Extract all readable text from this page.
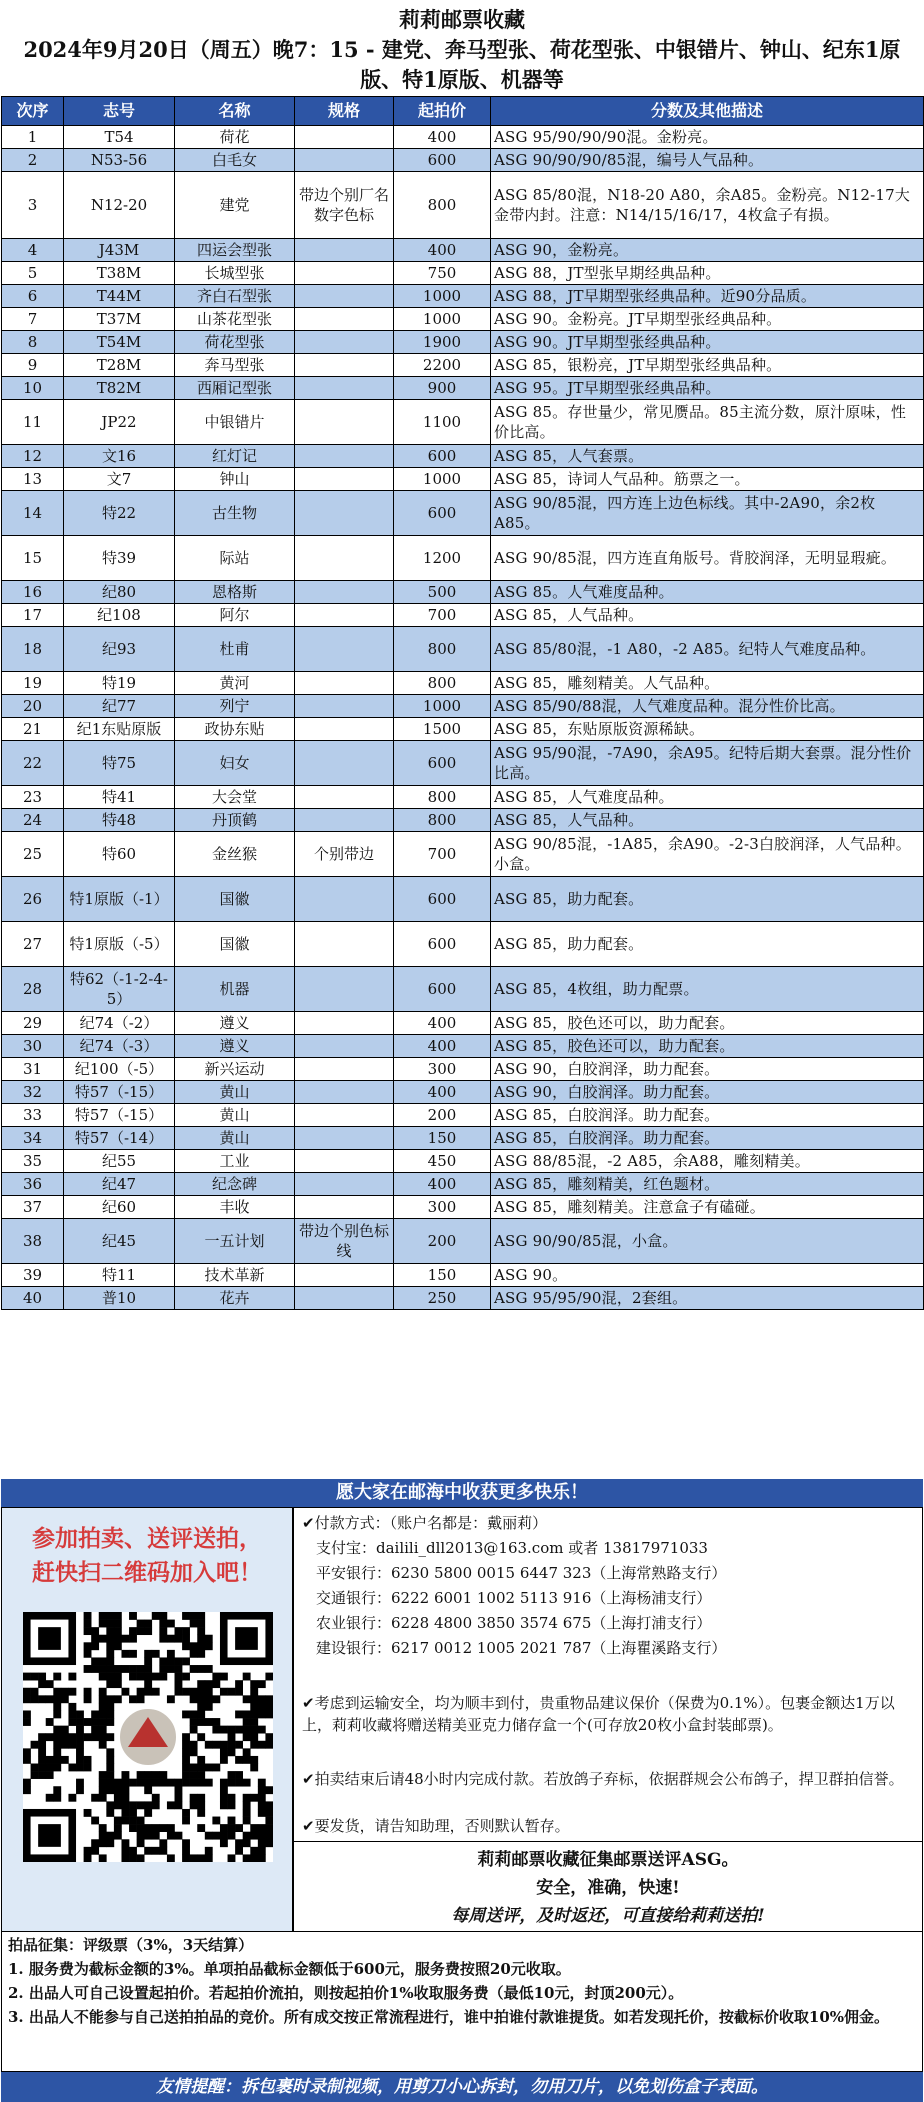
莉莉邮票收藏
2024年9月20日（周五）晚7：15 - 建党、奔马型张、荷花型张、中银错片、钟山、纪东1原
版、特1原版、机器等
次序	志号	名称	规格	起拍价	分数及其他描述
1	T54	荷花		400	ASG 95/90/90/90混。金粉亮。
2	N53-56	白毛女		600	ASG 90/90/90/85混，编号人气品种。
3	N12-20	建党	带边个别厂名数字色标	800	ASG 85/80混，N18-20 A80，余A85。金粉亮。N12-17大金带内封。注意：N14/15/16/17，4枚盒子有损。
4	J43M	四运会型张		400	ASG 90，金粉亮。
5	T38M	长城型张		750	ASG 88，JT型张早期经典品种。
6	T44M	齐白石型张		1000	ASG 88，JT早期型张经典品种。近90分品质。
7	T37M	山茶花型张		1000	ASG 90。金粉亮。JT早期型张经典品种。
8	T54M	荷花型张		1900	ASG 90。JT早期型张经典品种。
9	T28M	奔马型张		2200	ASG 85，银粉亮，JT早期型张经典品种。
10	T82M	西厢记型张		900	ASG 95。JT早期型张经典品种。
11	JP22	中银错片		1100	ASG 85。存世量少，常见赝品。85主流分数，原汁原味，性价比高。
12	文16	红灯记		600	ASG 85，人气套票。
13	文7	钟山		1000	ASG 85，诗词人气品种。筋票之一。
14	特22	古生物		600	ASG 90/85混，四方连上边色标线。其中-2A90，余2枚A85。
15	特39	际站		1200	ASG 90/85混，四方连直角版号。背胶润泽，无明显瑕疵。
16	纪80	恩格斯		500	ASG 85。人气难度品种。
17	纪108	阿尔		700	ASG 85，人气品种。
18	纪93	杜甫		800	ASG 85/80混，-1 A80，-2 A85。纪特人气难度品种。
19	特19	黄河		800	ASG 85，雕刻精美。人气品种。
20	纪77	列宁		1000	ASG 85/90/88混，人气难度品种。混分性价比高。
21	纪1东贴原版	政协东贴		1500	ASG 85，东贴原版资源稀缺。
22	特75	妇女		600	ASG 95/90混，-7A90，余A95。纪特后期大套票。混分性价比高。
23	特41	大会堂		800	ASG 85，人气难度品种。
24	特48	丹顶鹤		800	ASG 85，人气品种。
25	特60	金丝猴	个别带边	700	ASG 90/85混，-1A85，余A90。-2-3白胶润泽，人气品种。小盒。
26	特1原版（-1）	国徽		600	ASG 85，助力配套。
27	特1原版（-5）	国徽		600	ASG 85，助力配套。
28	特62（-1-2-4-5）	机器		600	ASG 85，4枚组，助力配票。
29	纪74（-2）	遵义		400	ASG 85，胶色还可以，助力配套。
30	纪74（-3）	遵义		400	ASG 85，胶色还可以，助力配套。
31	纪100（-5）	新兴运动		300	ASG 90，白胶润泽，助力配套。
32	特57（-15）	黄山		400	ASG 90，白胶润泽。助力配套。
33	特57（-15）	黄山		200	ASG 85，白胶润泽。助力配套。
34	特57（-14）	黄山		150	ASG 85，白胶润泽。助力配套。
35	纪55	工业		450	ASG 88/85混，-2 A85，余A88，雕刻精美。
36	纪47	纪念碑		400	ASG 85，雕刻精美，红色题材。
37	纪60	丰收		300	ASG 85，雕刻精美。注意盒子有磕碰。
38	纪45	一五计划	带边个别色标线	200	ASG 90/90/85混，小盒。
39	特11	技术革新		150	ASG 90。
40	普10	花卉		250	ASG 95/95/90混，2套组。
愿大家在邮海中收获更多快乐！
参加拍卖、送评送拍，
赶快扫二维码加入吧！
✔付款方式：（账户名都是：戴丽莉）
支付宝：dailili_dll2013@163.com 或者 13817971033
平安银行：6230 5800 0015 6447 323（上海常熟路支行）
交通银行：6222 6001 1002 5113 916（上海杨浦支行）
农业银行：6228 4800 3850 3574 675（上海打浦支行）
建设银行：6217 0012 1005 2021 787（上海瞿溪路支行）
✔考虑到运输安全，均为顺丰到付，贵重物品建议保价（保费为0.1%）。包裹金额达1万以上，莉莉收藏将赠送精美亚克力储存盒一个(可存放20枚小盒封装邮票)。
✔拍卖结束后请48小时内完成付款。若放鸽子弃标，依据群规会公布鸽子，捍卫群拍信誉。
✔要发货，请告知助理，否则默认暂存。
莉莉邮票收藏征集邮票送评ASG。
安全，准确，快速!
每周送评，及时返还，可直接给莉莉送拍!
拍品征集：评级票（3%，3天结算）
1. 服务费为截标金额的3%。单项拍品截标金额低于600元，服务费按照20元收取。
2. 出品人可自己设置起拍价。若起拍价流拍，则按起拍价1%收取服务费（最低10元，封顶200元）。
3. 出品人不能参与自己送拍拍品的竞价。所有成交按正常流程进行，谁中拍谁付款谁提货。如若发现托价，按截标价收取10%佣金。
友情提醒：拆包裹时录制视频，用剪刀小心拆封，勿用刀片，以免划伤盒子表面。
